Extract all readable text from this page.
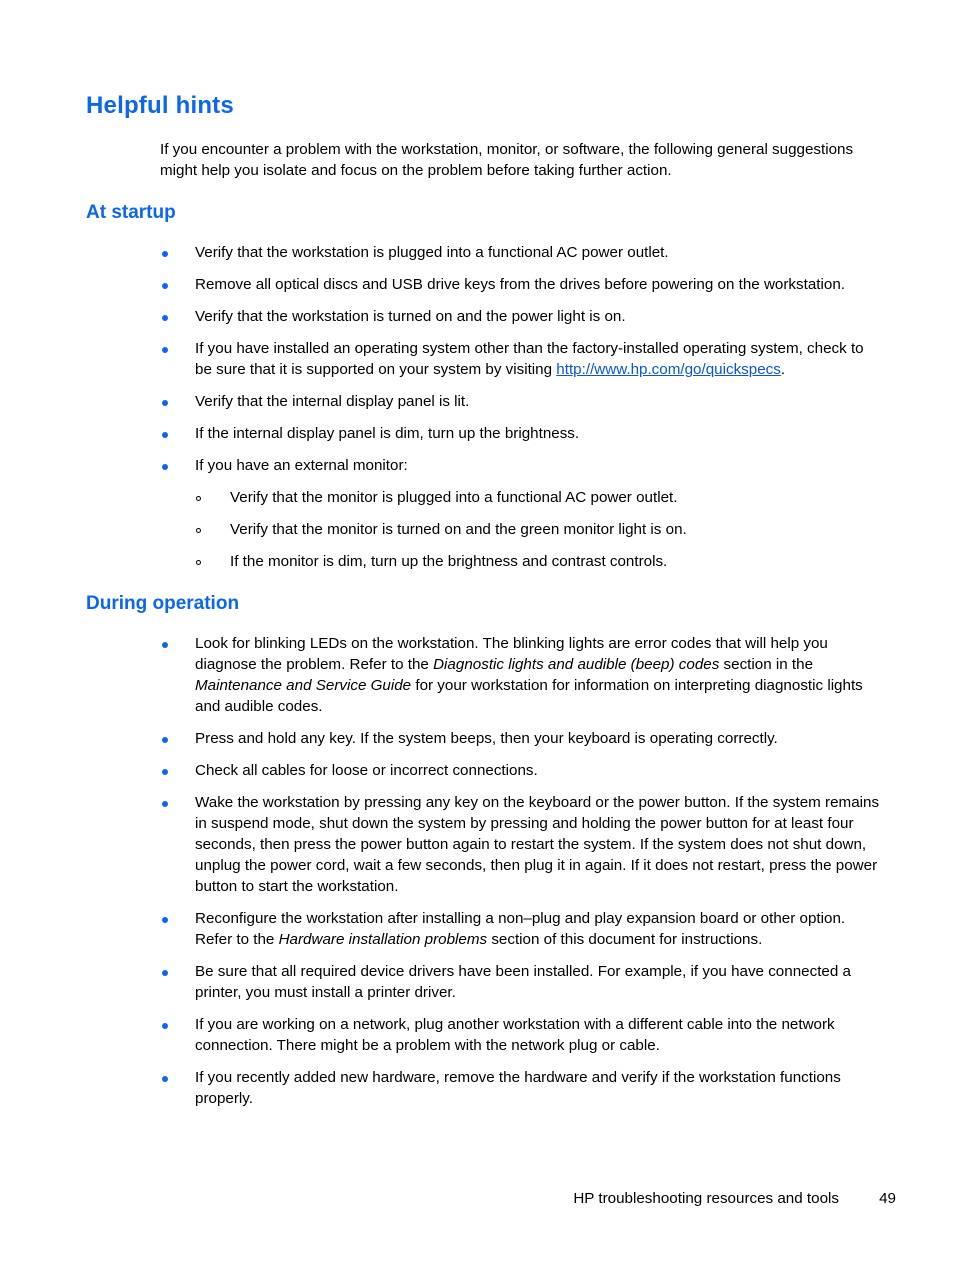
Helpful hints

If you encounter a problem with the workstation, monitor, or software, the following general suggestions might help you isolate and focus on the problem before taking further action.

At startup
Verify that the workstation is plugged into a functional AC power outlet.
Remove all optical discs and USB drive keys from the drives before powering on the workstation.
Verify that the workstation is turned on and the power light is on.
If you have installed an operating system other than the factory-installed operating system, check to be sure that it is supported on your system by visiting http://www.hp.com/go/quickspecs.
Verify that the internal display panel is lit.
If the internal display panel is dim, turn up the brightness.
If you have an external monitor:
Verify that the monitor is plugged into a functional AC power outlet.
Verify that the monitor is turned on and the green monitor light is on.
If the monitor is dim, turn up the brightness and contrast controls.
During operation
Look for blinking LEDs on the workstation. The blinking lights are error codes that will help you diagnose the problem. Refer to the Diagnostic lights and audible (beep) codes section in the Maintenance and Service Guide for your workstation for information on interpreting diagnostic lights and audible codes.
Press and hold any key. If the system beeps, then your keyboard is operating correctly.
Check all cables for loose or incorrect connections.
Wake the workstation by pressing any key on the keyboard or the power button. If the system remains in suspend mode, shut down the system by pressing and holding the power button for at least four seconds, then press the power button again to restart the system. If the system does not shut down, unplug the power cord, wait a few seconds, then plug it in again. If it does not restart, press the power button to start the workstation.
Reconfigure the workstation after installing a non–plug and play expansion board or other option. Refer to the Hardware installation problems section of this document for instructions.
Be sure that all required device drivers have been installed. For example, if you have connected a printer, you must install a printer driver.
If you are working on a network, plug another workstation with a different cable into the network connection. There might be a problem with the network plug or cable.
If you recently added new hardware, remove the hardware and verify if the workstation functions properly.
HP troubleshooting resources and tools	49
